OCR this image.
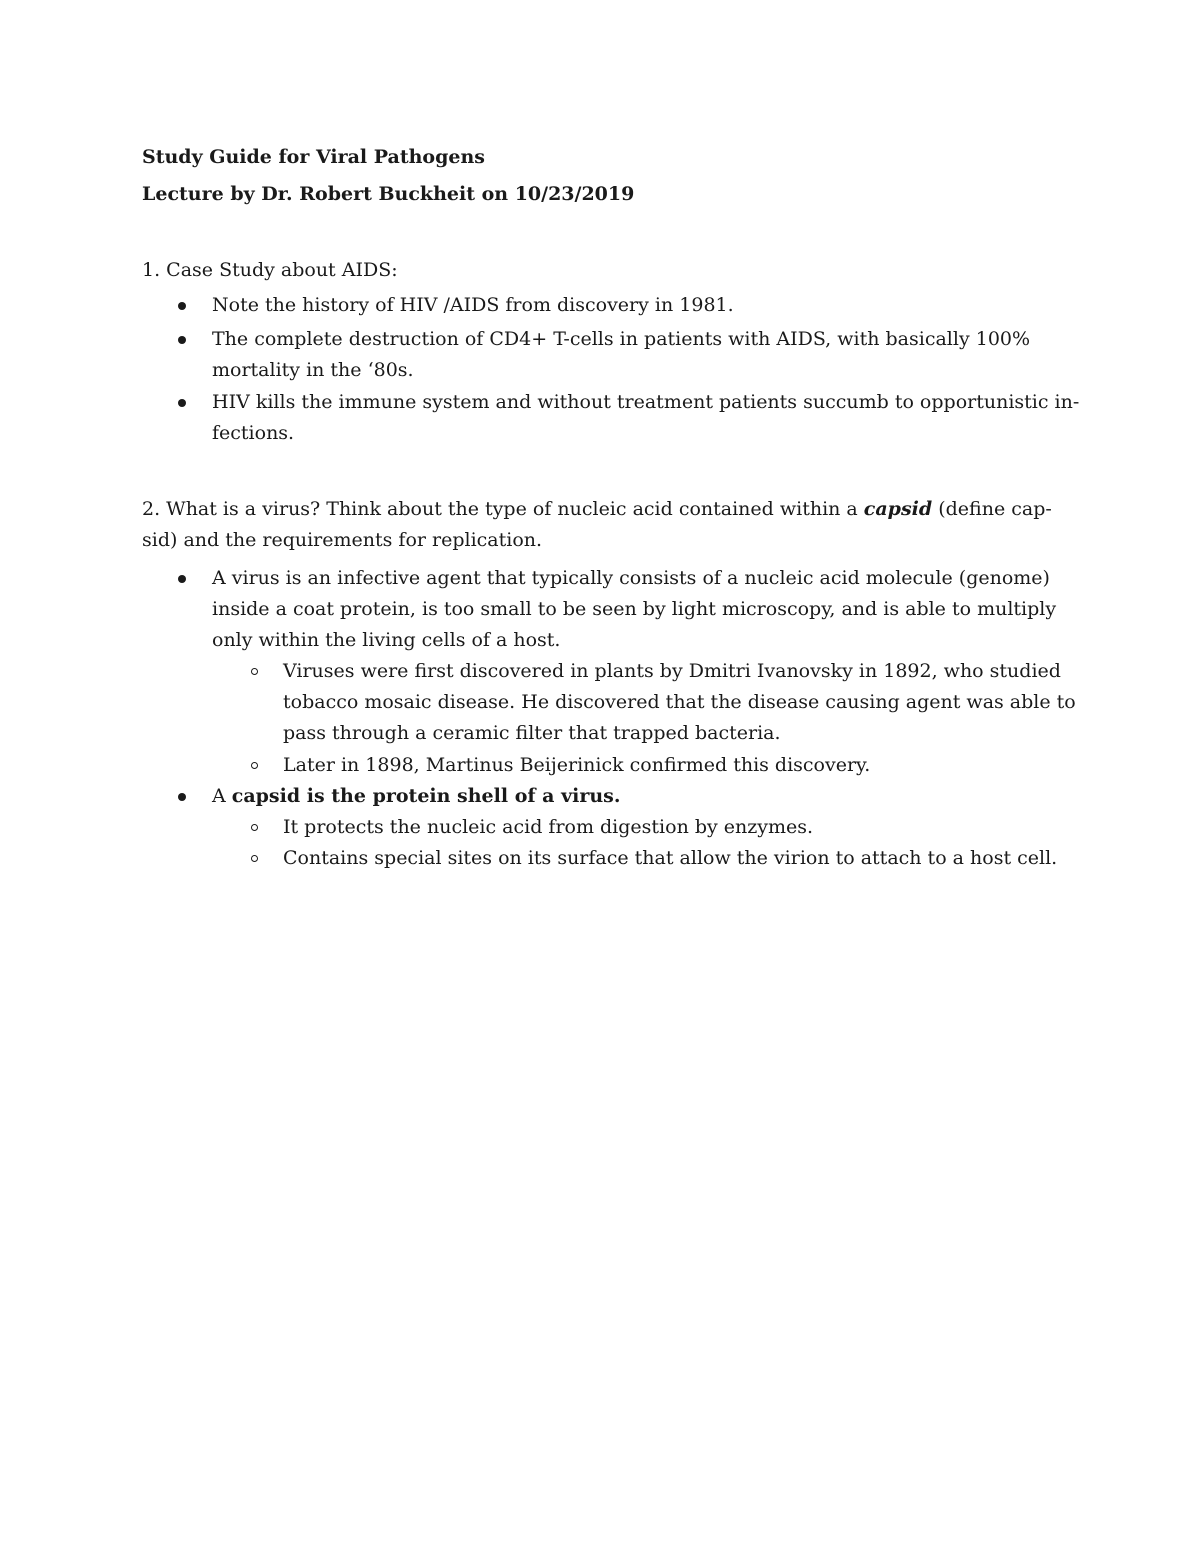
Study Guide for Viral Pathogens
Lecture by Dr. Robert Buckheit on 10/23/2019
1. Case Study about AIDS:
Note the history of HIV /AIDS from discovery in 1981.
The complete destruction of CD4+ T-cells in patients with AIDS, with basically 100%
mortality in the ‘80s.
HIV kills the immune system and without treatment patients succumb to opportunistic in-
fections.
2. What is a virus? Think about the type of nucleic acid contained within a capsid (define cap-
sid) and the requirements for replication.
A virus is an infective agent that typically consists of a nucleic acid molecule (genome)
inside a coat protein, is too small to be seen by light microscopy, and is able to multiply
only within the living cells of a host.
Viruses were first discovered in plants by Dmitri Ivanovsky in 1892, who studied
tobacco mosaic disease. He discovered that the disease causing agent was able to
pass through a ceramic filter that trapped bacteria.
Later in 1898, Martinus Beijerinick confirmed this discovery.
A capsid is the protein shell of a virus.
It protects the nucleic acid from digestion by enzymes.
Contains special sites on its surface that allow the virion to attach to a host cell.
